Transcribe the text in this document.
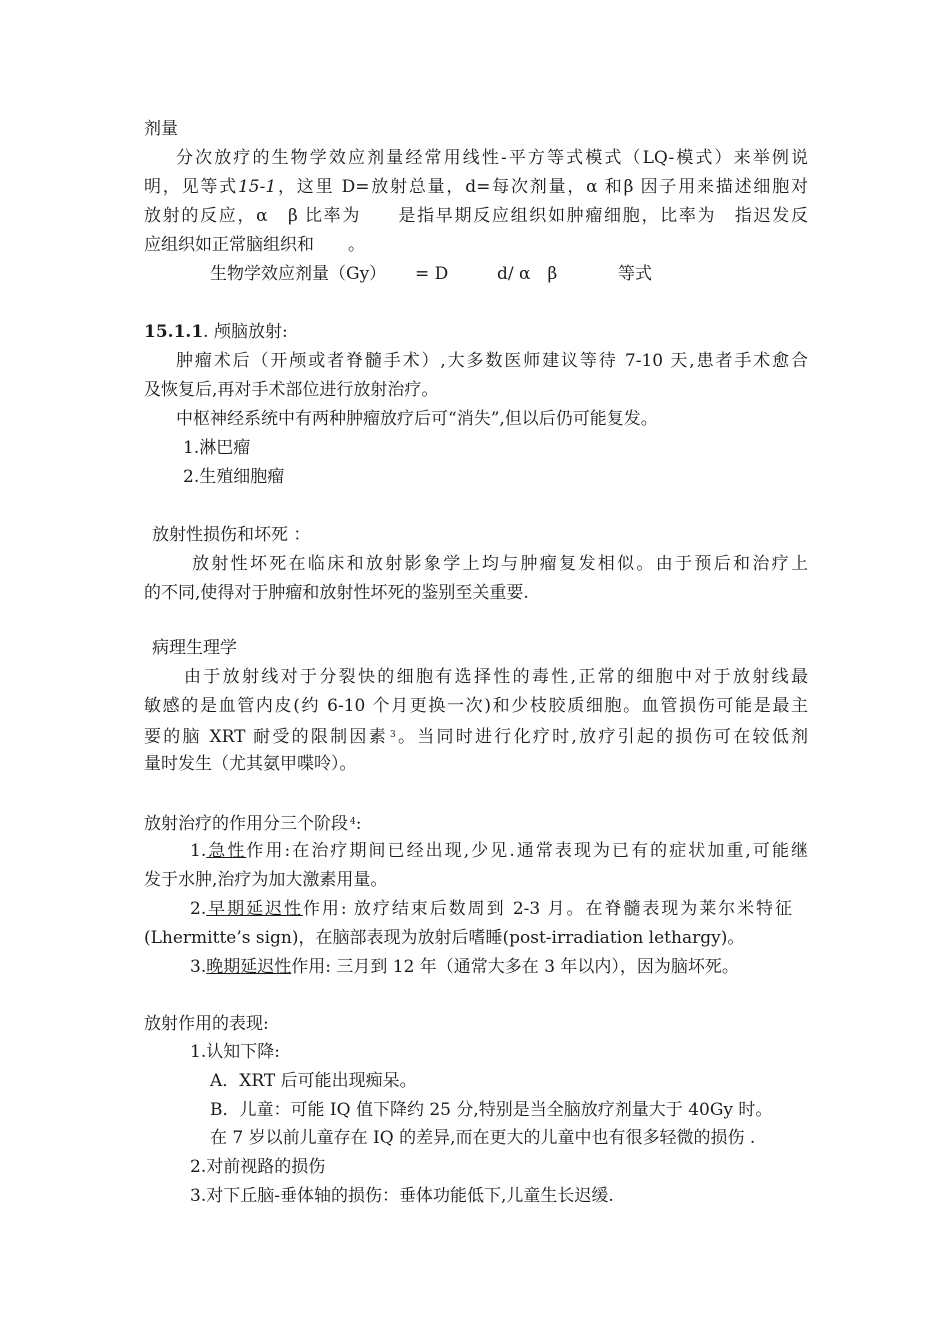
剂量
分次放疗的生物学效应剂量经常用线性-平方等式模式（LQ-模式）来举例说
明，见等式15-1，这里 D=放射总量，d=每次剂量，α 和β 因子用来描述细胞对
放射的反应，α　β 比率为　　是指早期反应组织如肿瘤细胞，比率为　指迟发反
应组织如正常脑组织和　　。
生物学效应剂量（Gy） = D	d/ α　β	等式
15.1.1. 颅脑放射:
肿瘤术后（开颅或者脊髓手术）,大多数医师建议等待 7-10 天,患者手术愈合
及恢复后,再对手术部位进行放射治疗。
中枢神经系统中有两种肿瘤放疗后可“消失”,但以后仍可能复发。
1.淋巴瘤
2.生殖细胞瘤
放射性损伤和坏死 ：
放射性坏死在临床和放射影象学上均与肿瘤复发相似。由于预后和治疗上
的不同,使得对于肿瘤和放射性坏死的鉴别至关重要.
病理生理学
由于放射线对于分裂快的细胞有选择性的毒性,正常的细胞中对于放射线最
敏感的是血管内皮(约 6-10 个月更换一次)和少枝胶质细胞。血管损伤可能是最主
要的脑 XRT 耐受的限制因素 $^3$。当同时进行化疗时,放疗引起的损伤可在较低剂
量时发生（尤其氨甲喋呤）。
放射治疗的作用分三个阶段 $^4$:
1.急性作用:在治疗期间已经出现,少见.通常表现为已有的症状加重,可能继
发于水肿,治疗为加大激素用量。
2.早期延迟性作用: 放疗结束后数周到 2-3 月。在脊髓表现为莱尔米特征
(Lhermitte’s sign)，在脑部表现为放射后嗜睡(post-irradiation lethargy)。
3.晚期延迟性作用: 三月到 12 年（通常大多在 3 年以内），因为脑坏死。
放射作用的表现:
1.认知下降:
A．XRT 后可能出现痴呆。
B．儿童：可能 IQ 值下降约 25 分,特别是当全脑放疗剂量大于 40Gy 时。
在 7 岁以前儿童存在 IQ 的差异,而在更大的儿童中也有很多轻微的损伤 .
2.对前视路的损伤
3.对下丘脑-垂体轴的损伤：垂体功能低下,儿童生长迟缓.
